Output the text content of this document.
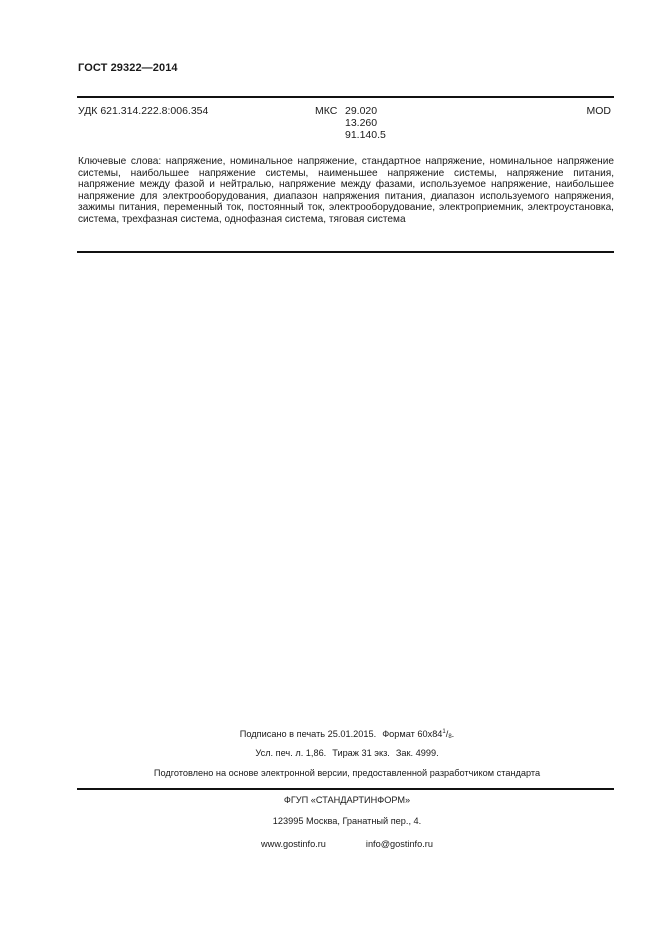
ГОСТ 29322—2014
УДК 621.314.222.8:006.354	МКС 29.020
13.260
91.140.5
MOD
Ключевые слова: напряжение, номинальное напряжение, стандартное напряжение, номинальное напряжение системы, наибольшее напряжение системы, наименьшее напряжение системы, напряжение питания, напряжение между фазой и нейтралью, напряжение между фазами, используемое напряжение, наибольшее напряжение для электрооборудования, диапазон напряжения питания, диапазон используемого напряжения, зажимы питания, переменный ток, постоянный ток, электрооборудование, электроприемник, электроустановка, система, трехфазная система, однофазная система, тяговая система
Подписано в печать 25.01.2015. Формат $60x84^1/_8$.
Усл. печ. л. 1,86. Тираж 31 экз. Зак. 4999.
Подготовлено на основе электронной версии, предоставленной разработчиком стандарта
ФГУП «СТАНДАРТИНФОРМ»
123995 Москва, Гранатный пер., 4.
www.gostinfo.ru	info@gostinfo.ru
